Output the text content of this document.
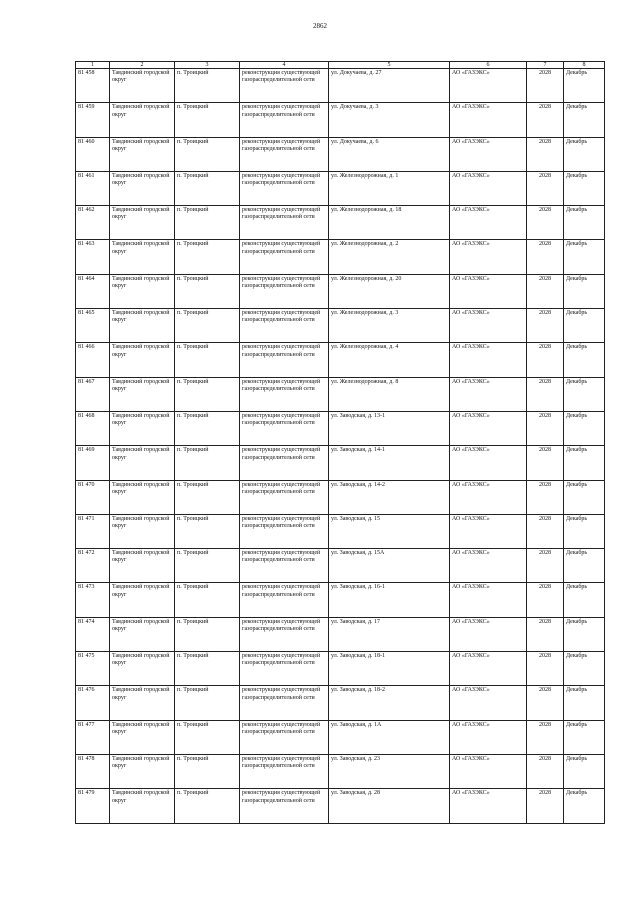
2862
1	2	3	4	5	6	7	8
81 458	Тавдинский городской округ	п. Троицкий	реконструкция существующей газораспределительной сети	ул. Докучаева, д. 27	АО «ГАЗЭКС»	2028	Декабрь
81 459	Тавдинский городской округ	п. Троицкий	реконструкция существующей газораспределительной сети	ул. Докучаева, д. 3	АО «ГАЗЭКС»	2028	Декабрь
81 460	Тавдинский городской округ	п. Троицкий	реконструкция существующей газораспределительной сети	ул. Докучаева, д. 6	АО «ГАЗЭКС»	2028	Декабрь
81 461	Тавдинский городской округ	п. Троицкий	реконструкция существующей газораспределительной сети	ул. Железнодорожная, д. 1	АО «ГАЗЭКС»	2028	Декабрь
81 462	Тавдинский городской округ	п. Троицкий	реконструкция существующей газораспределительной сети	ул. Железнодорожная, д. 18	АО «ГАЗЭКС»	2028	Декабрь
81 463	Тавдинский городской округ	п. Троицкий	реконструкция существующей газораспределительной сети	ул. Железнодорожная, д. 2	АО «ГАЗЭКС»	2028	Декабрь
81 464	Тавдинский городской округ	п. Троицкий	реконструкция существующей газораспределительной сети	ул. Железнодорожная, д. 20	АО «ГАЗЭКС»	2028	Декабрь
81 465	Тавдинский городской округ	п. Троицкий	реконструкция существующей газораспределительной сети	ул. Железнодорожная, д. 3	АО «ГАЗЭКС»	2028	Декабрь
81 466	Тавдинский городской округ	п. Троицкий	реконструкция существующей газораспределительной сети	ул. Железнодорожная, д. 4	АО «ГАЗЭКС»	2028	Декабрь
81 467	Тавдинский городской округ	п. Троицкий	реконструкция существующей газораспределительной сети	ул. Железнодорожная, д. 8	АО «ГАЗЭКС»	2028	Декабрь
81 468	Тавдинский городской округ	п. Троицкий	реконструкция существующей газораспределительной сети	ул. Заводская, д. 13-1	АО «ГАЗЭКС»	2028	Декабрь
81 469	Тавдинский городской округ	п. Троицкий	реконструкция существующей газораспределительной сети	ул. Заводская, д. 14-1	АО «ГАЗЭКС»	2028	Декабрь
81 470	Тавдинский городской округ	п. Троицкий	реконструкция существующей газораспределительной сети	ул. Заводская, д. 14-2	АО «ГАЗЭКС»	2028	Декабрь
81 471	Тавдинский городской округ	п. Троицкий	реконструкция существующей газораспределительной сети	ул. Заводская, д. 15	АО «ГАЗЭКС»	2028	Декабрь
81 472	Тавдинский городской округ	п. Троицкий	реконструкция существующей газораспределительной сети	ул. Заводская, д. 15А	АО «ГАЗЭКС»	2028	Декабрь
81 473	Тавдинский городской округ	п. Троицкий	реконструкция существующей газораспределительной сети	ул. Заводская, д. 16-1	АО «ГАЗЭКС»	2028	Декабрь
81 474	Тавдинский городской округ	п. Троицкий	реконструкция существующей газораспределительной сети	ул. Заводская, д. 17	АО «ГАЗЭКС»	2028	Декабрь
81 475	Тавдинский городской округ	п. Троицкий	реконструкция существующей газораспределительной сети	ул. Заводская, д. 18-1	АО «ГАЗЭКС»	2028	Декабрь
81 476	Тавдинский городской округ	п. Троицкий	реконструкция существующей газораспределительной сети	ул. Заводская, д. 18-2	АО «ГАЗЭКС»	2028	Декабрь
81 477	Тавдинский городской округ	п. Троицкий	реконструкция существующей газораспределительной сети	ул. Заводская, д. 1А	АО «ГАЗЭКС»	2028	Декабрь
81 478	Тавдинский городской округ	п. Троицкий	реконструкция существующей газораспределительной сети	ул. Заводская, д. 23	АО «ГАЗЭКС»	2028	Декабрь
81 479	Тавдинский городской округ	п. Троицкий	реконструкция существующей газораспределительной сети	ул. Заводская, д. 28	АО «ГАЗЭКС»	2028	Декабрь
